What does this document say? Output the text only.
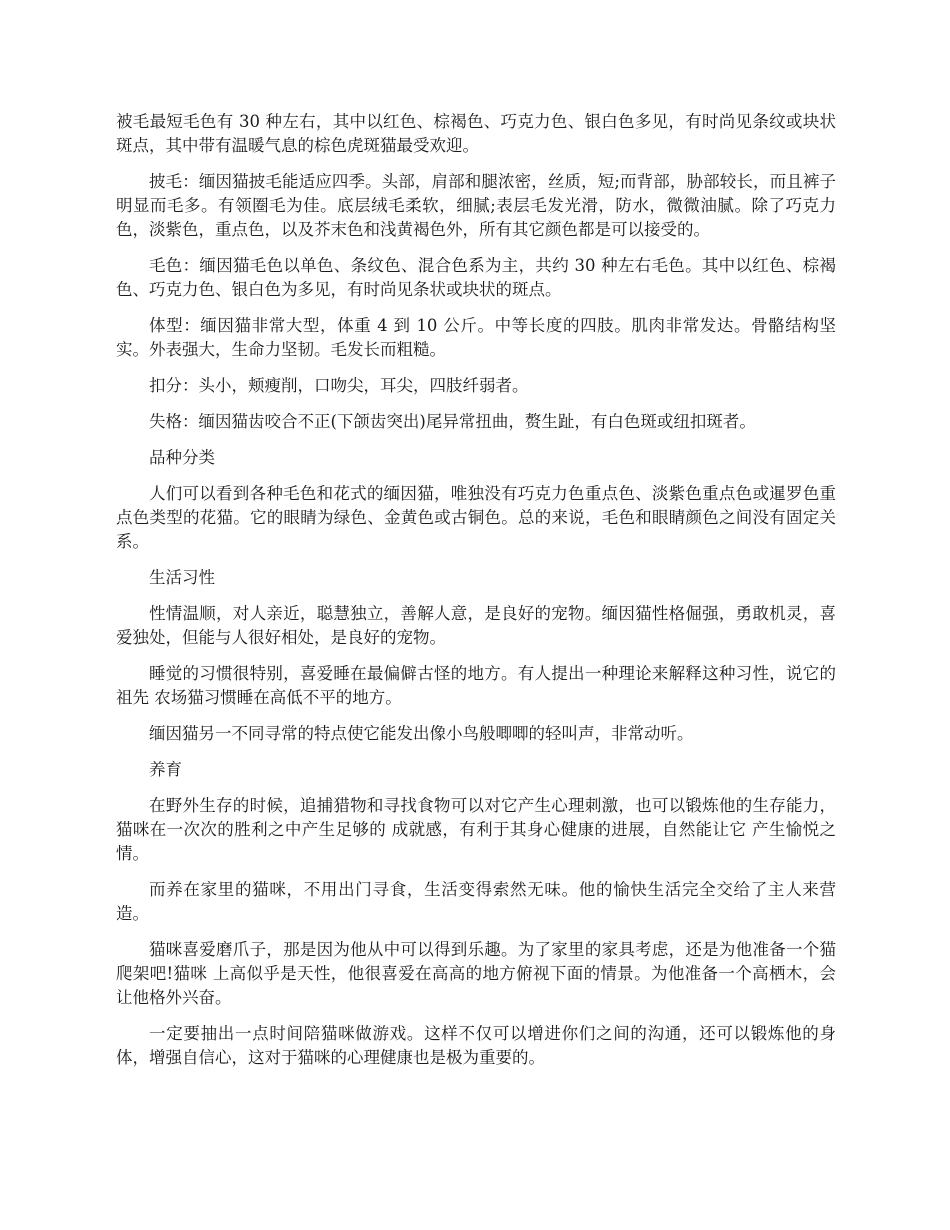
被毛最短毛色有 30 种左右，其中以红色、棕褐色、巧克力色、银白色多见，有时尚见条纹或块状斑点，其中带有温暖气息的棕色虎斑猫最受欢迎。

披毛：缅因猫披毛能适应四季。头部，肩部和腿浓密，丝质，短;而背部，胁部较长，而且裤子明显而毛多。有领圈毛为佳。底层绒毛柔软，细腻;表层毛发光滑，防水，微微油腻。除了巧克力色，淡紫色，重点色，以及芥末色和浅黄褐色外，所有其它颜色都是可以接受的。

毛色：缅因猫毛色以单色、条纹色、混合色系为主，共约 30 种左右毛色。其中以红色、棕褐色、巧克力色、银白色为多见，有时尚见条状或块状的斑点。

体型：缅因猫非常大型，体重 4 到 10 公斤。中等长度的四肢。肌肉非常发达。骨骼结构坚实。外表强大，生命力坚韧。毛发长而粗糙。

扣分：头小，颊瘦削，口吻尖，耳尖，四肢纤弱者。

失格：缅因猫齿咬合不正(下颌齿突出)尾异常扭曲，赘生趾，有白色斑或纽扣斑者。

品种分类

人们可以看到各种毛色和花式的缅因猫，唯独没有巧克力色重点色、淡紫色重点色或暹罗色重点色类型的花猫。它的眼睛为绿色、金黄色或古铜色。总的来说，毛色和眼睛颜色之间没有固定关系。

生活习性

性情温顺，对人亲近，聪慧独立，善解人意，是良好的宠物。缅因猫性格倔强，勇敢机灵，喜爱独处，但能与人很好相处，是良好的宠物。

睡觉的习惯很特别，喜爱睡在最偏僻古怪的地方。有人提出一种理论来解释这种习性，说它的祖先 农场猫习惯睡在高低不平的地方。

缅因猫另一不同寻常的特点使它能发出像小鸟般唧唧的轻叫声，非常动听。

养育

在野外生存的时候，追捕猎物和寻找食物可以对它产生心理刺激，也可以锻炼他的生存能力，猫咪在一次次的胜利之中产生足够的 成就感，有利于其身心健康的进展，自然能让它 产生愉悦之情。

而养在家里的猫咪，不用出门寻食，生活变得索然无味。他的愉快生活完全交给了主人来营造。

猫咪喜爱磨爪子，那是因为他从中可以得到乐趣。为了家里的家具考虑，还是为他准备一个猫爬架吧!猫咪 上高似乎是天性，他很喜爱在高高的地方俯视下面的情景。为他准备一个高栖木，会让他格外兴奋。

一定要抽出一点时间陪猫咪做游戏。这样不仅可以增进你们之间的沟通，还可以锻炼他的身体，增强自信心，这对于猫咪的心理健康也是极为重要的。
